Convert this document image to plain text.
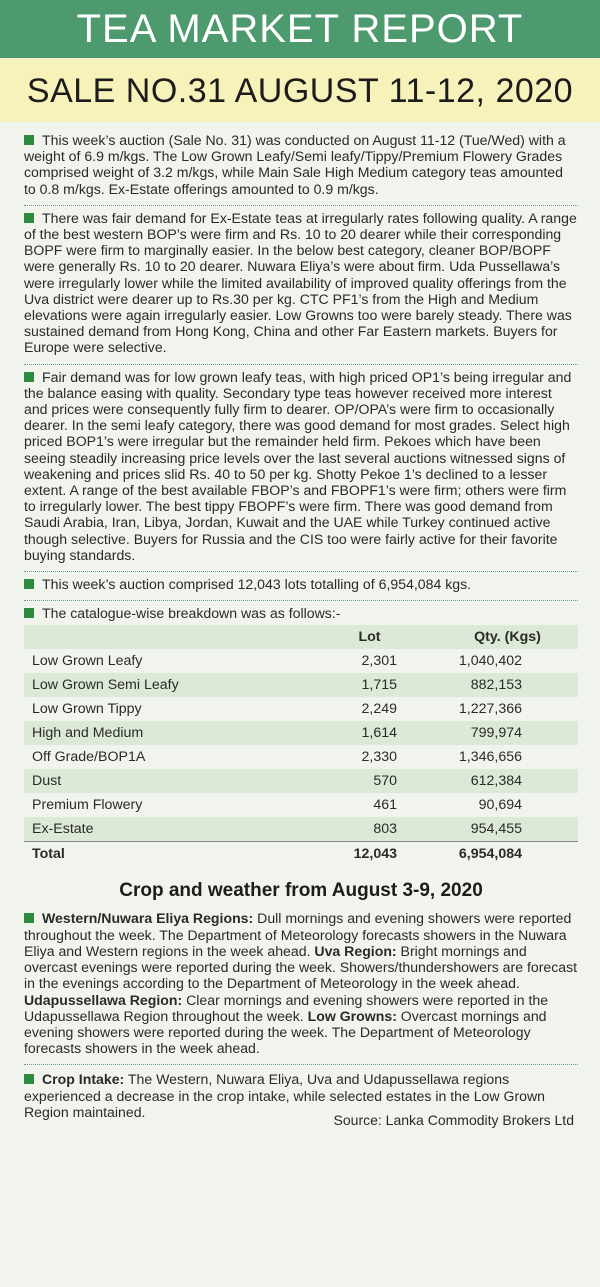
TEA MARKET REPORT
SALE NO.31 AUGUST 11-12, 2020

This week’s auction (Sale No. 31) was conducted on August 11-12 (Tue/Wed) with a weight of 6.9 m/kgs. The Low Grown Leafy/Semi leafy/Tippy/Premium Flowery Grades comprised weight of 3.2 m/kgs, while Main Sale High Medium category teas amounted to 0.8 m/kgs. Ex-Estate offerings amounted to 0.9 m/kgs.

There was fair demand for Ex-Estate teas at irregularly rates following quality. A range of the best western BOP’s were firm and Rs. 10 to 20 dearer while their corresponding BOPF were firm to marginally easier. In the below best category, cleaner BOP/BOPF were generally Rs. 10 to 20 dearer. Nuwara Eliya’s were about firm. Uda Pussellawa’s were irregularly lower while the limited availability of improved quality offerings from the Uva district were dearer up to Rs.30 per kg. CTC PF1’s from the High and Medium elevations were again irregularly easier. Low Growns too were barely steady. There was sustained demand from Hong Kong, China and other Far Eastern markets. Buyers for Europe were selective.

Fair demand was for low grown leafy teas, with high priced OP1’s being irregular and the balance easing with quality. Secondary type teas however received more interest and prices were consequently fully firm to dearer. OP/OPA’s were firm to occasionally dearer. In the semi leafy category, there was good demand for most grades. Select high priced BOP1’s were irregular but the remainder held firm. Pekoes which have been seeing steadily increasing price levels over the last several auctions witnessed signs of weakening and prices slid Rs. 40 to 50 per kg. Shotty Pekoe 1’s declined to a lesser extent. A range of the best available FBOP’s and FBOPF1’s were firm; others were firm to irregularly lower. The best tippy FBOPF’s were firm. There was good demand from Saudi Arabia, Iran, Libya, Jordan, Kuwait and the UAE while Turkey continued active though selective. Buyers for Russia and the CIS too were fairly active for their favorite buying standards.

This week’s auction comprised 12,043 lots totalling of 6,954,084 kgs.

The catalogue-wise breakdown was as follows:-

	Lot	Qty. (Kgs)
Low Grown Leafy	2,301	1,040,402
Low Grown Semi Leafy	1,715	882,153
Low Grown Tippy	2,249	1,227,366
High and Medium	1,614	799,974
Off Grade/BOP1A	2,330	1,346,656
Dust	570	612,384
Premium Flowery	461	90,694
Ex-Estate	803	954,455
Total	12,043	6,954,084
Crop and weather from August 3-9, 2020

Western/Nuwara Eliya Regions: Dull mornings and evening showers were reported throughout the week. The Department of Meteorology forecasts showers in the Nuwara Eliya and Western regions in the week ahead. Uva Region: Bright mornings and overcast evenings were reported during the week. Showers/thundershowers are forecast in the evenings according to the Department of Meteorology in the week ahead. Udapussellawa Region: Clear mornings and evening showers were reported in the Udapussellawa Region throughout the week. Low Growns: Overcast mornings and evening showers were reported during the week. The Department of Meteorology forecasts showers in the week ahead.

Crop Intake: The Western, Nuwara Eliya, Uva and Udapussellawa regions experienced a decrease in the crop intake, while selected estates in the Low Grown Region maintained.

Source: Lanka Commodity Brokers Ltd
